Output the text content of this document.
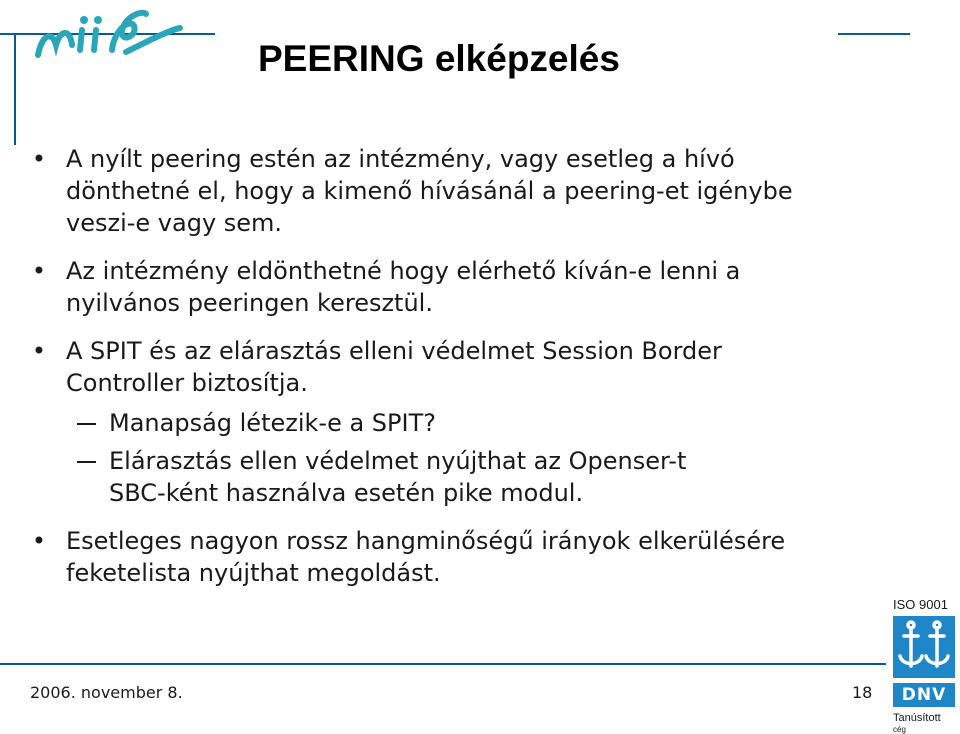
PEERING elképzelés
• A nyílt peering estén az intézmény, vagy esetleg a hívó
dönthetné el, hogy a kimenő hívásánál a peering-et igénybe
veszi-e vagy sem.
• Az intézmény eldönthetné hogy elérhető kíván-e lenni a
nyilvános peeringen keresztül.
• A SPIT és az elárasztás elleni védelmet Session Border
Controller biztosítja.
Manapság létezik-e a SPIT?
Elárasztás ellen védelmet nyújthat az Openser-t
SBC-ként használva esetén pike modul.
• Esetleges nagyon rossz hangminőségű irányok elkerülésére
feketelista nyújthat megoldást.
2006. november 8.	18
ISO 9001
DNV
Tanúsított
cég
